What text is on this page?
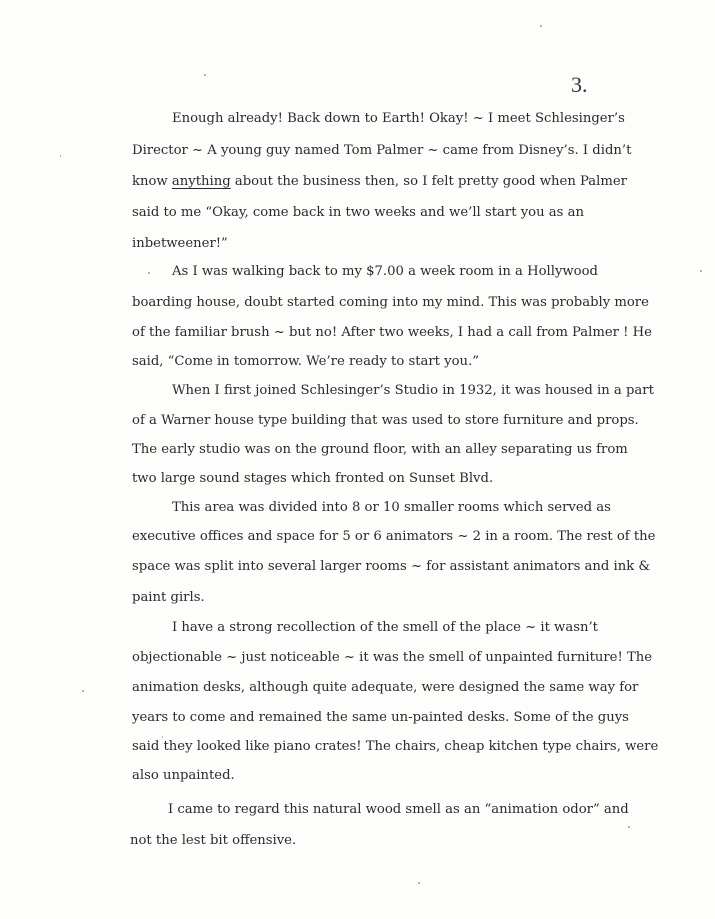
3.
Enough already! Back down to Earth! Okay! ~ I meet Schlesinger’s
Director ~ A young guy named Tom Palmer ~ came from Disney’s. I didn’t
know anything about the business then, so I felt pretty good when Palmer
said to me “Okay, come back in two weeks and we’ll start you as an
inbetweener!”
As I was walking back to my $7.00 a week room in a Hollywood
boarding house, doubt started coming into my mind. This was probably more
of the familiar brush ~ but no! After two weeks, I had a call from Palmer ! He
said, “Come in tomorrow. We’re ready to start you.”
When I first joined Schlesinger’s Studio in 1932, it was housed in a part
of a Warner house type building that was used to store furniture and props.
The early studio was on the ground floor, with an alley separating us from
two large sound stages which fronted on Sunset Blvd.
This area was divided into 8 or 10 smaller rooms which served as
executive offices and space for 5 or 6 animators ~ 2 in a room. The rest of the
space was split into several larger rooms ~ for assistant animators and ink &
paint girls.
I have a strong recollection of the smell of the place ~ it wasn’t
objectionable ~ just noticeable ~ it was the smell of unpainted furniture! The
animation desks, although quite adequate, were designed the same way for
years to come and remained the same un-painted desks. Some of the guys
said they looked like piano crates! The chairs, cheap kitchen type chairs, were
also unpainted.
I came to regard this natural wood smell as an “animation odor” and
not the lest bit offensive.
